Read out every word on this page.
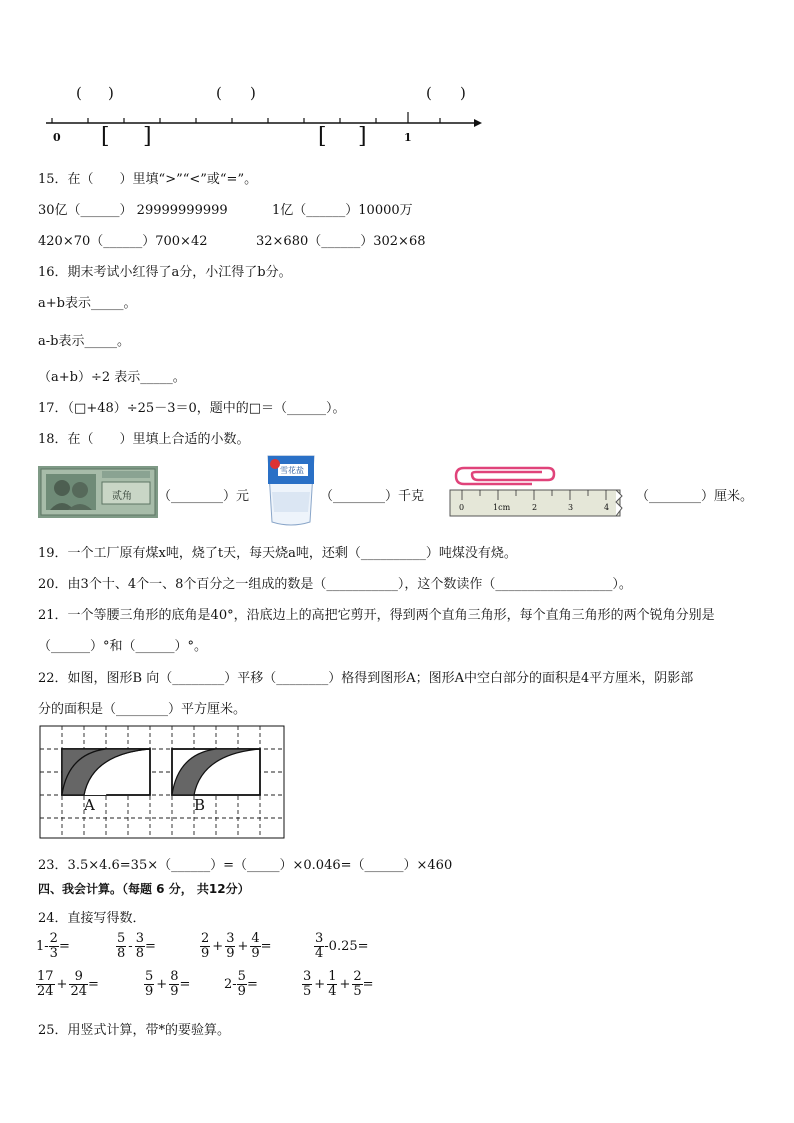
0	1
( )	( )	( )
[ ]	[ ]
15．在（　　）里填“>”“<”或“=”。
30亿（______） 29999999999	1亿（______）10000万
420×70（______）700×42	32×680（______）302×68
16．期末考试小红得了a分，小江得了b分。
a+b表示_____。
a-b表示_____。
（a+b）÷2 表示_____。
17．（□+48）÷25－3＝0，题中的□＝（______）。
18．在（　　）里填上合适的小数。
贰角 （________）元
雪花盐
（________）千克
0	1cm	2	3	4
（________）厘米。
19．一个工厂原有煤x吨，烧了t天，每天烧a吨，还剩（__________）吨煤没有烧。
20．由3个十、4个一、8个百分之一组成的数是（___________），这个数读作（__________________）。
21．一个等腰三角形的底角是40°，沿底边上的高把它剪开，得到两个直角三角形，每个直角三角形的两个锐角分别是
（______）°和（______）°。
22．如图，图形B 向（________）平移（________）格得到图形A；图形A中空白部分的面积是4平方厘米，阴影部
分的面积是（________）平方厘米。
A	B
23．3.5×4.6=35×（______）=（_____）×0.046=（______）×460
四、我会计算。（每题 6 分， 共12分）
24．直接写得数．
$1- \frac{2}{3}$ =	$\frac{5}{8} - \frac{3}{8}$ =	$\frac{2}{9} + \frac{3}{9} + \frac{4}{9}$ =	$\frac{3}{4} -0.25=$
$\frac{17}{24} + \frac{9}{24}$ =	$\frac{5}{9} + \frac{8}{9}$ =	$2- \frac{5}{9}$ =	$\frac{3}{5} + \frac{1}{4} + \frac{2}{5}$ =
25．用竖式计算，带*的要验算。
